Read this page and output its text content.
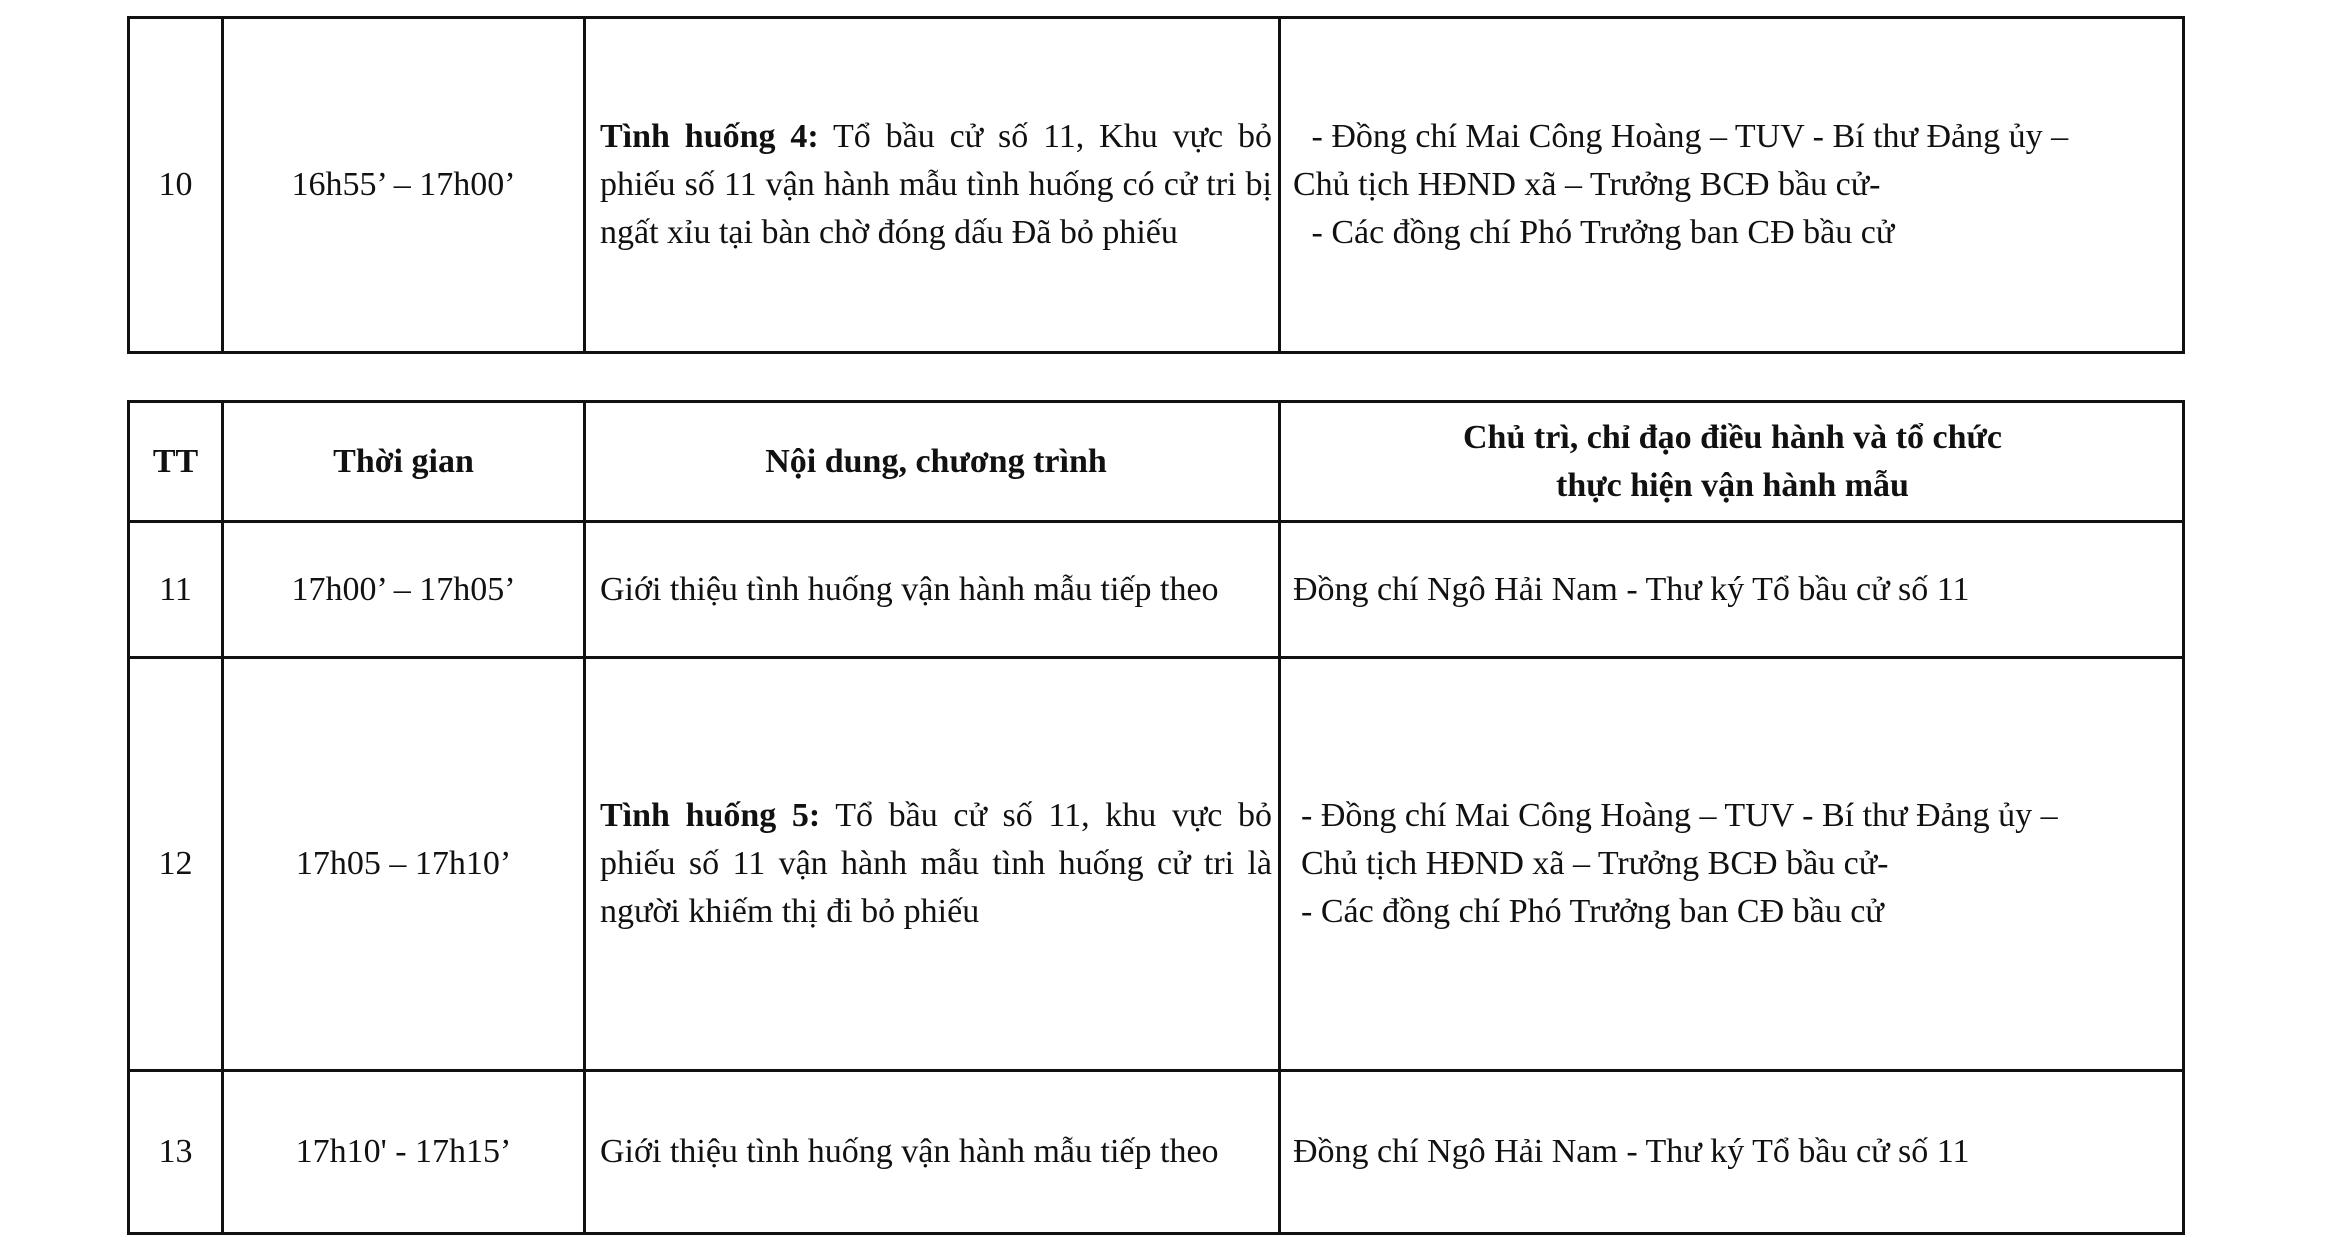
10	16h55’ – 17h00’	Tình huống 4: Tổ bầu cử số 11, Khu vực bỏ phiếu số 11 vận hành mẫu tình huống có cử tri bị ngất xỉu tại bàn chờ đóng dấu Đã bỏ phiếu	
- Đồng chí Mai Công Hoàng – TUV - Bí thư Đảng ủy –
Chủ tịch HĐND xã – Trưởng BCĐ bầu cử-
- Các đồng chí Phó Trưởng ban CĐ bầu cử
TT	Thời gian	Nội dung, chương trình	Chủ trì, chỉ đạo điều hành và tổ chức
thực hiện vận hành mẫu

11	17h00’ – 17h05’	Giới thiệu tình huống vận hành mẫu tiếp theo	Đồng chí Ngô Hải Nam - Thư ký Tổ bầu cử số 11
12	17h05 – 17h10’	Tình huống 5: Tổ bầu cử số 11, khu vực bỏ phiếu số 11 vận hành mẫu tình huống cử tri là người khiếm thị đi bỏ phiếu	- Đồng chí Mai Công Hoàng – TUV - Bí thư Đảng ủy –
Chủ tịch HĐND xã – Trưởng BCĐ bầu cử-
- Các đồng chí Phó Trưởng ban CĐ bầu cử

13	17h10' - 17h15’	Giới thiệu tình huống vận hành mẫu tiếp theo	Đồng chí Ngô Hải Nam - Thư ký Tổ bầu cử số 11
